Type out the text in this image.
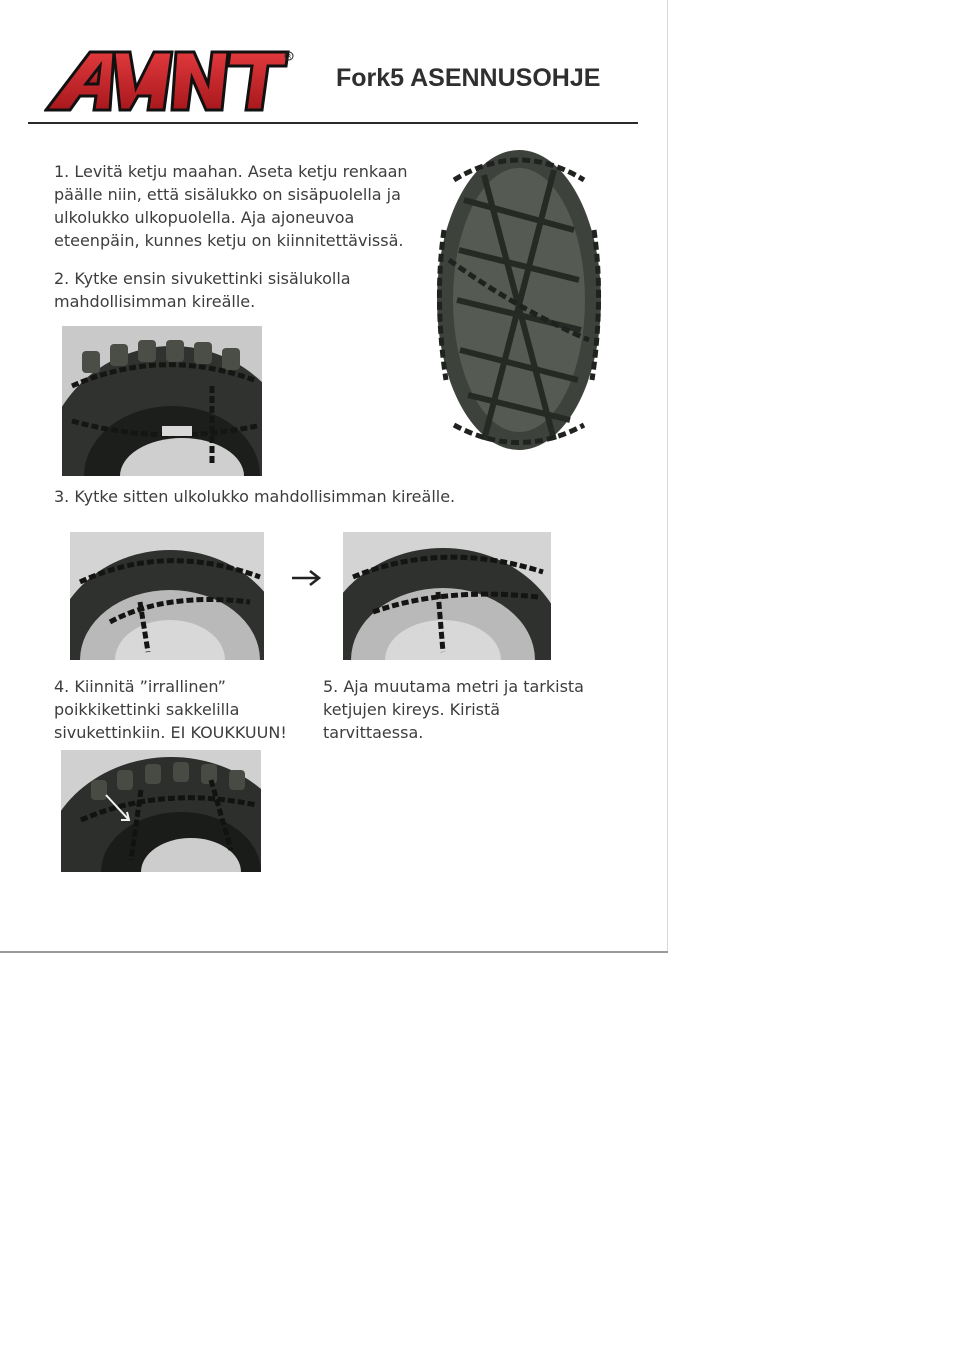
R
Fork5 ASENNUSOHJE

1. Levitä ketju maahan. Aseta ketju renkaan päälle niin, että sisälukko on sisäpuolella ja ulkolukko ulkopuolella. Aja ajoneuvoa eteenpäin, kunnes ketju on kiinnitettävissä.

2. Kytke ensin sivukettinki sisälukolla mahdollisimman kireälle.

3. Kytke sitten ulkolukko mahdollisimman kireälle.

4. Kiinnitä ”irrallinen” poikkikettinki sakkelilla sivukettinkiin. EI KOUKKUUN!

5. Aja muutama metri ja tarkista ketjujen kireys. Kiristä tarvittaessa.
